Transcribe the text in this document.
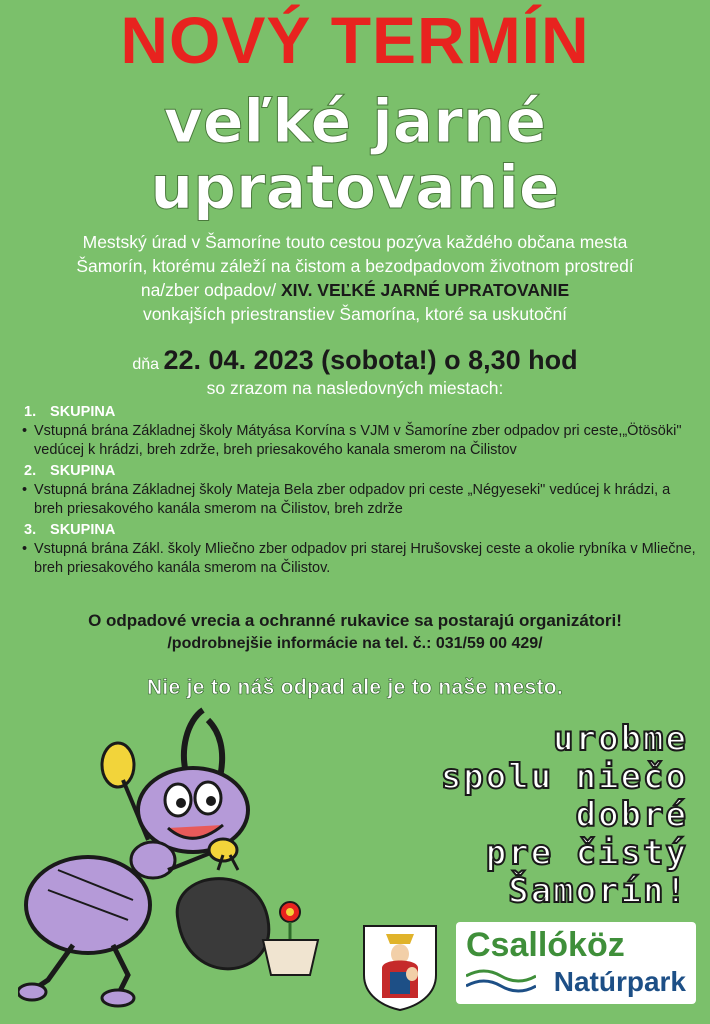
NOVÝ TERMÍN
veľké jarné
upratovanie
Mestský úrad v Šamoríne touto cestou pozýva každého občana mesta
Šamorín, ktorému záleží na čistom a bezodpadovom životnom prostredí
na/zber odpadov/ XIV. VEĽKÉ JARNÉ UPRATOVANIE
vonkajších priestranstiev Šamorína, ktoré sa uskutoční
dňa 22. 04. 2023 (sobota!) o 8,30 hod
so zrazom na nasledovných miestach:
1. SKUPINA
• Vstupná brána Základnej školy Mátyása Korvína s VJM v Šamoríne zber odpadov pri ceste,„Ötösöki" vedúcej k hrádzi, breh zdrže, breh priesakového kanala smerom na Čilistov
2. SKUPINA
• Vstupná brána Základnej školy Mateja Bela zber odpadov pri ceste „Négyeseki" vedúcej k hrádzi, a breh priesakového kanála smerom na Čilistov, breh zdrže
3. SKUPINA
• Vstupná brána Zákl. školy Mliečno zber odpadov pri starej Hrušovskej ceste a okolie rybníka v Mliečne, breh priesakového kanála smerom na Čilistov.
O odpadové vrecia a ochranné rukavice sa postarajú organizátori!
/podrobnejšie informácie na tel. č.: 031/59 00 429/
Nie je to náš odpad ale je to naše mesto.
urobme
spolu niečo
dobré
pre čistý
Šamorín!
Csallóköz
Natúrpark
